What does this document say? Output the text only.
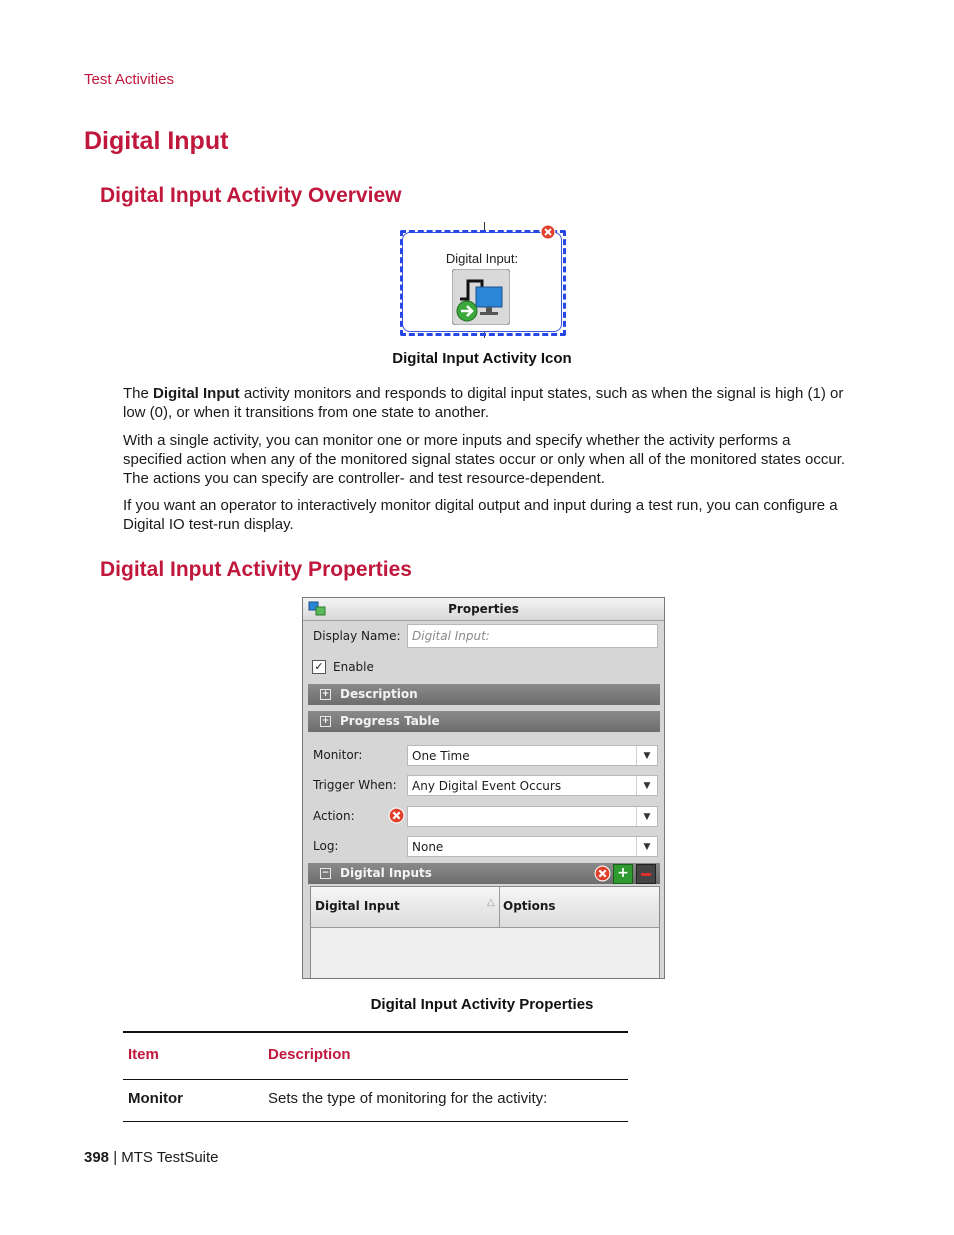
Test Activities
Digital Input
Digital Input Activity Overview
Digital Input:
Digital Input Activity Icon

The Digital Input activity monitors and responds to digital input states, such as when the signal is high (1) or low (0), or when it transitions from one state to another.

With a single activity, you can monitor one or more inputs and specify whether the activity performs a specified action when any of the monitored signal states occur or only when all of the monitored states occur. The actions you can specify are controller- and test resource-dependent.

If you want an operator to interactively monitor digital output and input during a test run, you can configure a Digital IO test-run display.

Digital Input Activity Properties
Properties
Display Name: Digital Input:
✓ Enable
+ Description
+ Progress Table
Monitor:	One Time	▼
Trigger When: Any Digital Event Occurs	▼
Action:	▼
Log:	None	▼
− Digital Inputs	+
Digital Input	△ Options
Digital Input Activity Properties
Item	Description
Monitor	Sets the type of monitoring for the activity:
398 | MTS TestSuite
